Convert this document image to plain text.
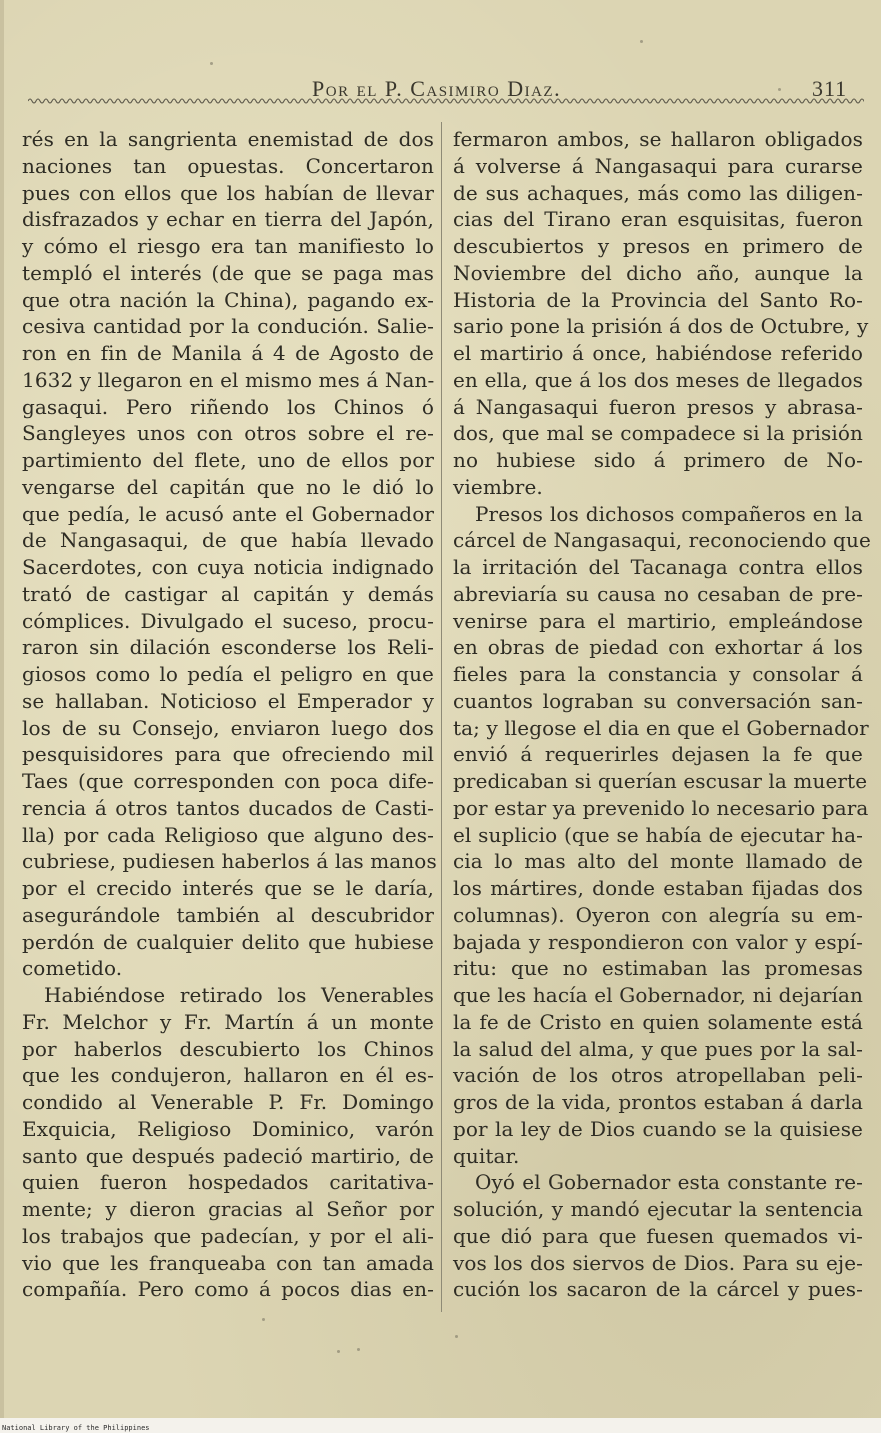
Por el P. Casimiro Diaz.	311
rés en la sangrienta enemistad de dos
naciones tan opuestas. Concertaron
pues con ellos que los habían de llevar
disfrazados y echar en tierra del Japón,
y cómo el riesgo era tan manifiesto lo
templó el interés (de que se paga mas
que otra nación la China), pagando ex-
cesiva cantidad por la condución. Salie-
ron en fin de Manila á 4 de Agosto de
1632 y llegaron en el mismo mes á Nan-
gasaqui. Pero riñendo los Chinos ó
Sangleyes unos con otros sobre el re-
partimiento del flete, uno de ellos por
vengarse del capitán que no le dió lo
que pedía, le acusó ante el Gobernador
de Nangasaqui, de que había llevado
Sacerdotes, con cuya noticia indignado
trató de castigar al capitán y demás
cómplices. Divulgado el suceso, procu-
raron sin dilación esconderse los Reli-
giosos como lo pedía el peligro en que
se hallaban. Noticioso el Emperador y
los de su Consejo, enviaron luego dos
pesquisidores para que ofreciendo mil
Taes (que corresponden con poca dife-
rencia á otros tantos ducados de Casti-
lla) por cada Religioso que alguno des-
cubriese, pudiesen haberlos á las manos
por el crecido interés que se le daría,
asegurándole también al descubridor
perdón de cualquier delito que hubiese
cometido.
Habiéndose retirado los Venerables
Fr. Melchor y Fr. Martín á un monte
por haberlos descubierto los Chinos
que les condujeron, hallaron en él es-
condido al Venerable P. Fr. Domingo
Exquicia, Religioso Dominico, varón
santo que después padeció martirio, de
quien fueron hospedados caritativa-
mente; y dieron gracias al Señor por
los trabajos que padecían, y por el ali-
vio que les franqueaba con tan amada
compañía. Pero como á pocos dias en-
fermaron ambos, se hallaron obligados
á volverse á Nangasaqui para curarse
de sus achaques, más como las diligen-
cias del Tirano eran esquisitas, fueron
descubiertos y presos en primero de
Noviembre del dicho año, aunque la
Historia de la Provincia del Santo Ro-
sario pone la prisión á dos de Octubre, y
el martirio á once, habiéndose referido
en ella, que á los dos meses de llegados
á Nangasaqui fueron presos y abrasa-
dos, que mal se compadece si la prisión
no hubiese sido á primero de No-
viembre.
Presos los dichosos compañeros en la
cárcel de Nangasaqui, reconociendo que
la irritación del Tacanaga contra ellos
abreviaría su causa no cesaban de pre-
venirse para el martirio, empleándose
en obras de piedad con exhortar á los
fieles para la constancia y consolar á
cuantos lograban su conversación san-
ta; y llegose el dia en que el Gobernador
envió á requerirles dejasen la fe que
predicaban si querían escusar la muerte
por estar ya prevenido lo necesario para
el suplicio (que se había de ejecutar ha-
cia lo mas alto del monte llamado de
los mártires, donde estaban fijadas dos
columnas). Oyeron con alegría su em-
bajada y respondieron con valor y espí-
ritu: que no estimaban las promesas
que les hacía el Gobernador, ni dejarían
la fe de Cristo en quien solamente está
la salud del alma, y que pues por la sal-
vación de los otros atropellaban peli-
gros de la vida, prontos estaban á darla
por la ley de Dios cuando se la quisiese
quitar.
Oyó el Gobernador esta constante re-
solución, y mandó ejecutar la sentencia
que dió para que fuesen quemados vi-
vos los dos siervos de Dios. Para su eje-
cución los sacaron de la cárcel y pues-
National Library of the Philippines
